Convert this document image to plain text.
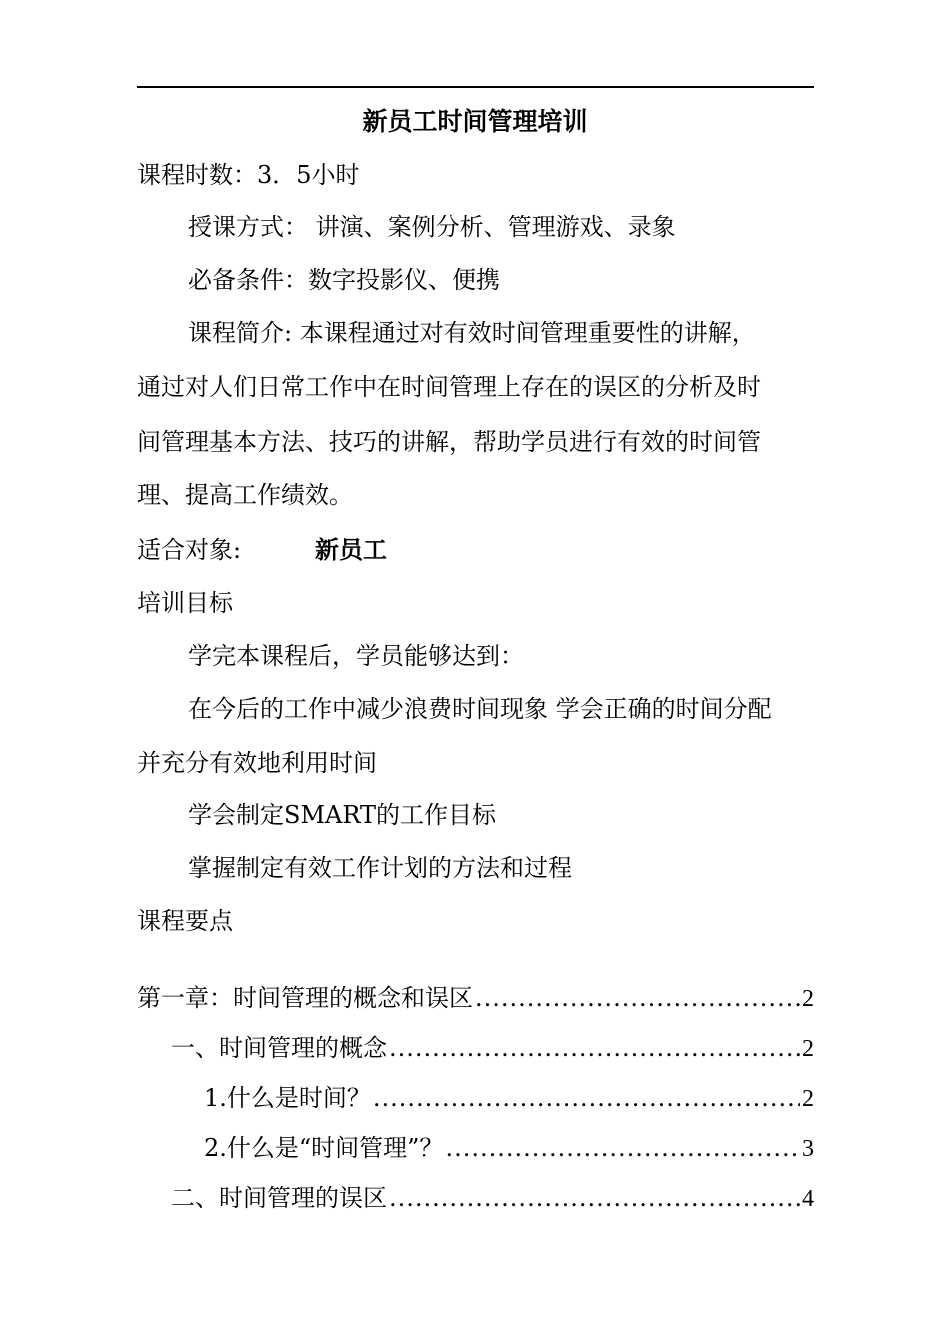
新员工时间管理培训
课程时数：3．5小时
授课方式： 讲演、案例分析、管理游戏、录象
必备条件：数字投影仪、便携
课程简介: 本课程通过对有效时间管理重要性的讲解，
通过对人们日常工作中在时间管理上存在的误区的分析及时
间管理基本方法、技巧的讲解，帮助学员进行有效的时间管
理、提高工作绩效。
适合对象:	新员工
培训目标
学完本课程后，学员能够达到：
在今后的工作中减少浪费时间现象 学会正确的时间分配
并充分有效地利用时间
学会制定SMART的工作目标
掌握制定有效工作计划的方法和过程
课程要点
第一章：时间管理的概念和误区 .....	2
一、时间管理的概念 .....	2
1.什么是时间？ .....	2
2.什么是“时间管理”？ .....	3
二、时间管理的误区 .....	4
